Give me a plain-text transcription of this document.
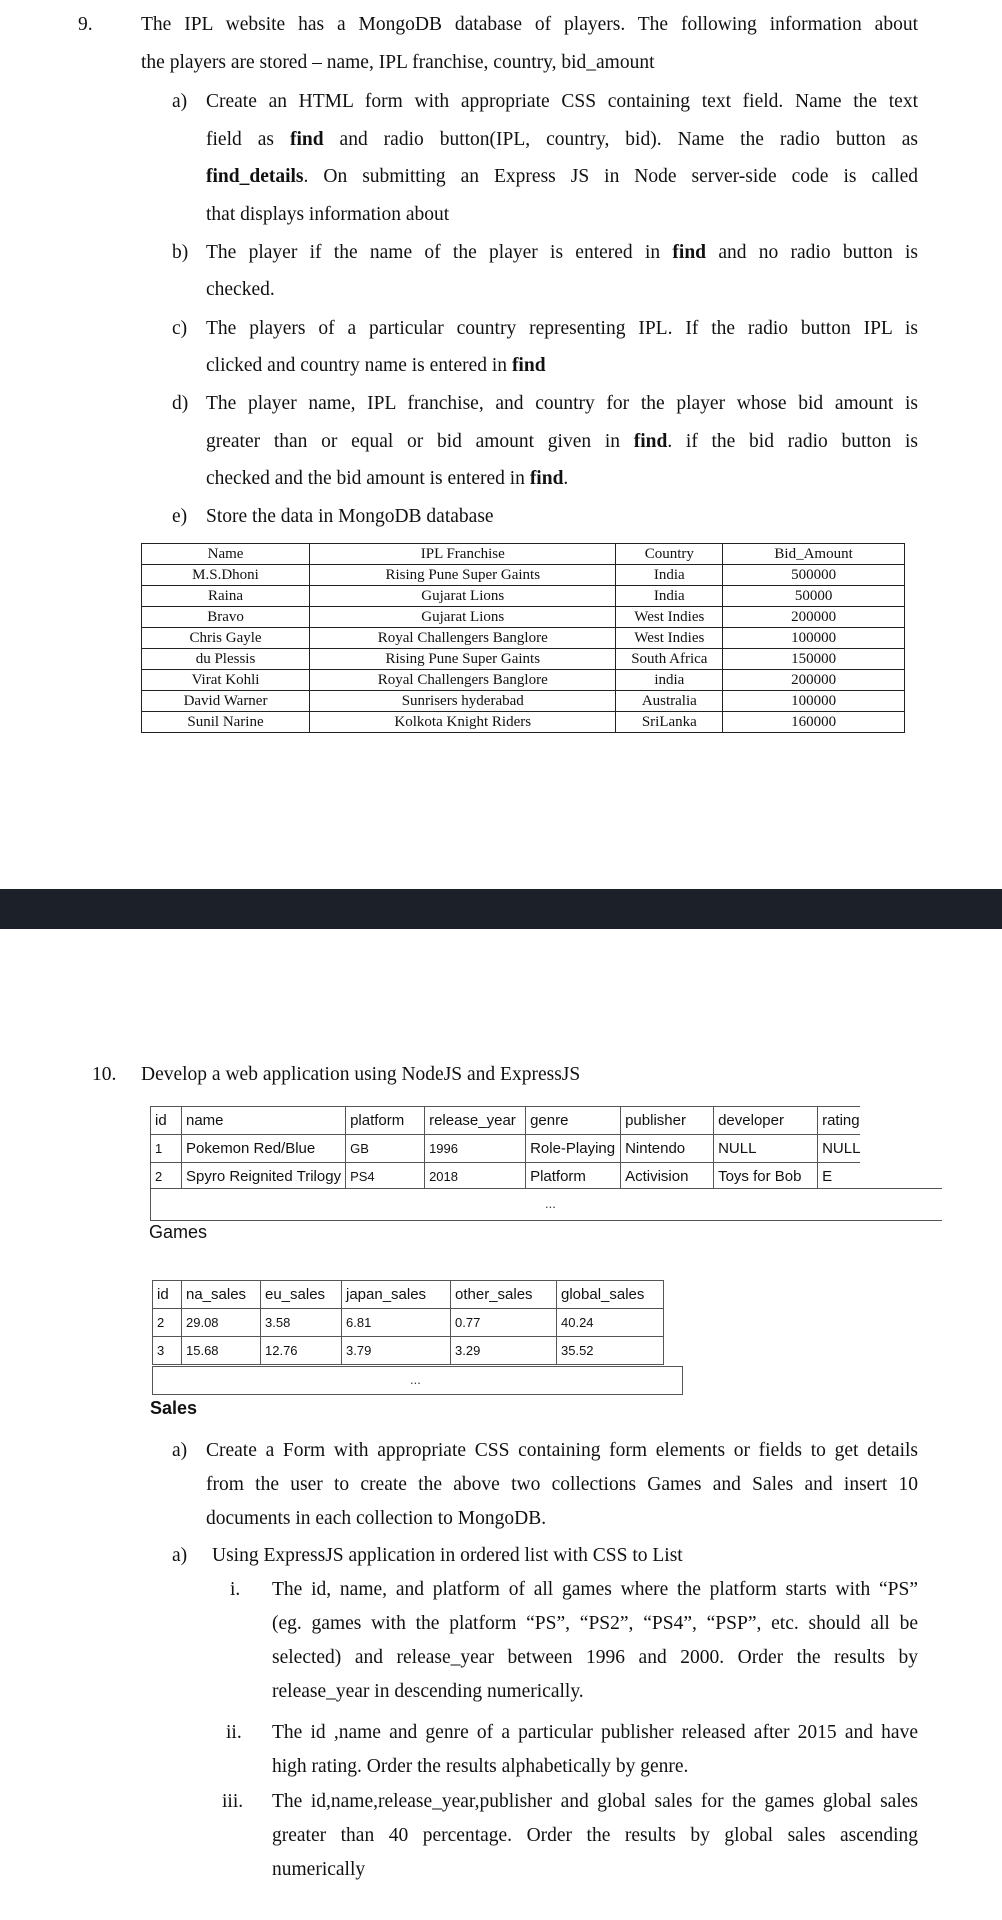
9. The IPL website has a MongoDB database of players. The following information about
the players are stored – name, IPL franchise, country, bid_amount
a) Create an HTML form with appropriate CSS containing text field. Name the text
field as find and radio button(IPL, country, bid). Name the radio button as
find_details. On submitting an Express JS in Node server-side code is called
that displays information about
b) The player if the name of the player is entered in find and no radio button is
checked.
c) The players of a particular country representing IPL. If the radio button IPL is
clicked and country name is entered in find
d) The player name, IPL franchise, and country for the player whose bid amount is
greater than or equal or bid amount given in find. if the bid radio button is
checked and the bid amount is entered in find.
e) Store the data in MongoDB database
Name	IPL Franchise	Country	Bid_Amount
M.S.Dhoni	Rising Pune Super Gaints	India	500000
Raina	Gujarat Lions	India	50000
Bravo	Gujarat Lions	West Indies	200000
Chris Gayle	Royal Challengers Banglore	West Indies	100000
du Plessis	Rising Pune Super Gaints	South Africa	150000
Virat Kohli	Royal Challengers Banglore	india	200000
David Warner	Sunrisers hyderabad	Australia	100000
Sunil Narine	Kolkota Knight Riders	SriLanka	160000
10. Develop a web application using NodeJS and ExpressJS
id	name	platform	release_year	genre	publisher	developer	rating
1	Pokemon Red/Blue	GB	1996	Role-Playing	Nintendo	NULL	NULL
2	Spyro Reignited Trilogy	PS4	2018	Platform	Activision	Toys for Bob	E
...
Games
id	na_sales	eu_sales	japan_sales	other_sales	global_sales
2	29.08	3.58	6.81	0.77	40.24
3	15.68	12.76	3.79	3.29	35.52
...
Sales
a) Create a Form with appropriate CSS containing form elements or fields to get details
from the user to create the above two collections Games and Sales and insert 10
documents in each collection to MongoDB.
a) Using ExpressJS application in ordered list with CSS to List
i. The id, name, and platform of all games where the platform starts with “PS”
(eg. games with the platform “PS”, “PS2”, “PS4”, “PSP”, etc. should all be
selected) and release_year between 1996 and 2000. Order the results by
release_year in descending numerically.
ii. The id ,name and genre of a particular publisher released after 2015 and have
high rating. Order the results alphabetically by genre.
iii. The id,name,release_year,publisher and global sales for the games global sales
greater than 40 percentage. Order the results by global sales ascending
numerically
